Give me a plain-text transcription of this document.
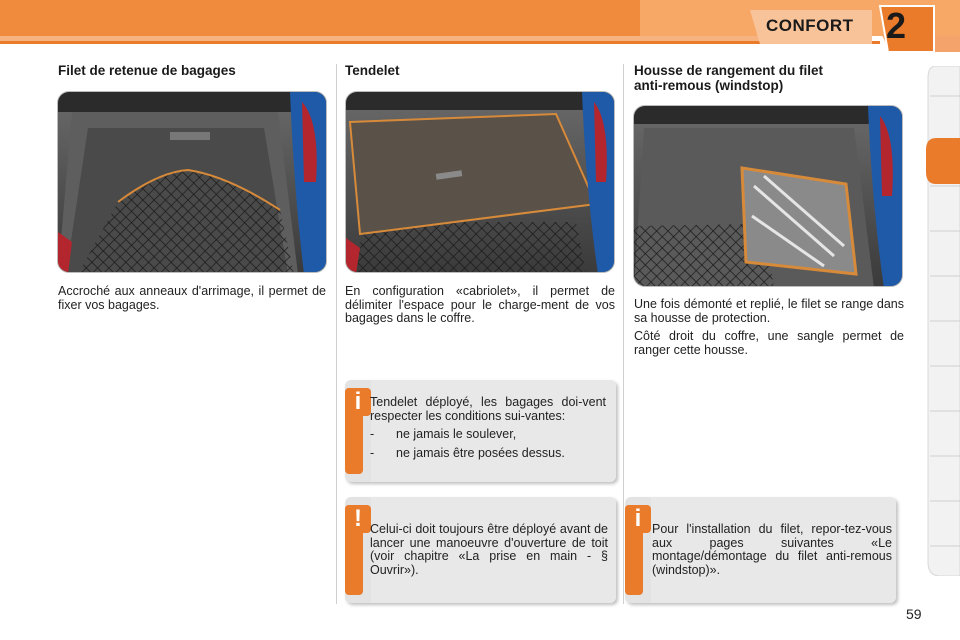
CONFORT 2
Filet de retenue de bagages

Accroché aux anneaux d'arrimage, il permet de fixer vos bagages.

Tendelet

En configuration «cabriolet», il permet de délimiter l'espace pour le charge-ment de vos bagages dans le coffre.

i Tendelet déployé, les bagages doi-vent respecter les conditions sui-vantes:

-	ne jamais le soulever,
-	ne jamais être posées dessus.
! Celui-ci doit toujours être déployé avant de lancer une manoeuvre d'ouverture de toit (voir chapitre «La prise en main - § Ouvrir»).

Housse de rangement du filet
anti-remous (windstop)

Une fois démonté et replié, le filet se range dans sa housse de protection.

Côté droit du coffre, une sangle permet de ranger cette housse.

i Pour l'installation du filet, repor-tez-vous aux pages suivantes «Le montage/démontage du filet anti-remous (windstop)».

59
